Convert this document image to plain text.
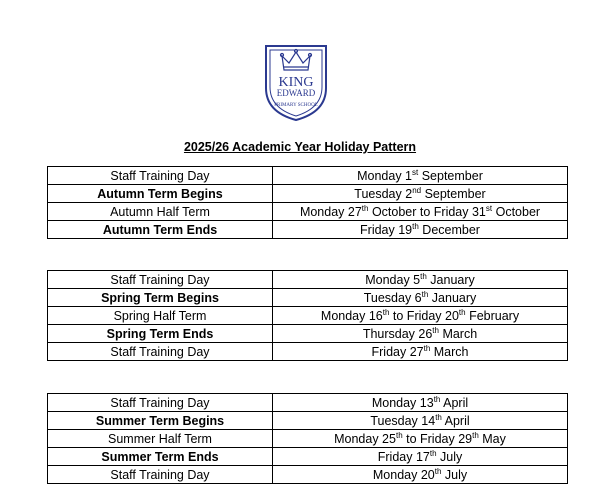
KING
EDWARD
PRIMARY SCHOOL
2025/26 Academic Year Holiday Pattern
Staff Training Day	Monday 1st September
Autumn Term Begins	Tuesday 2nd September
Autumn Half Term	Monday 27th October to Friday 31st October
Autumn Term Ends	Friday 19th December
Staff Training Day	Monday 5th January
Spring Term Begins	Tuesday 6th January
Spring Half Term	Monday 16th to Friday 20th February
Spring Term Ends	Thursday 26th March
Staff Training Day	Friday 27th March
Staff Training Day	Monday 13th April
Summer Term Begins	Tuesday 14th April
Summer Half Term	Monday 25th to Friday 29th May
Summer Term Ends	Friday 17th July
Staff Training Day	Monday 20th July
